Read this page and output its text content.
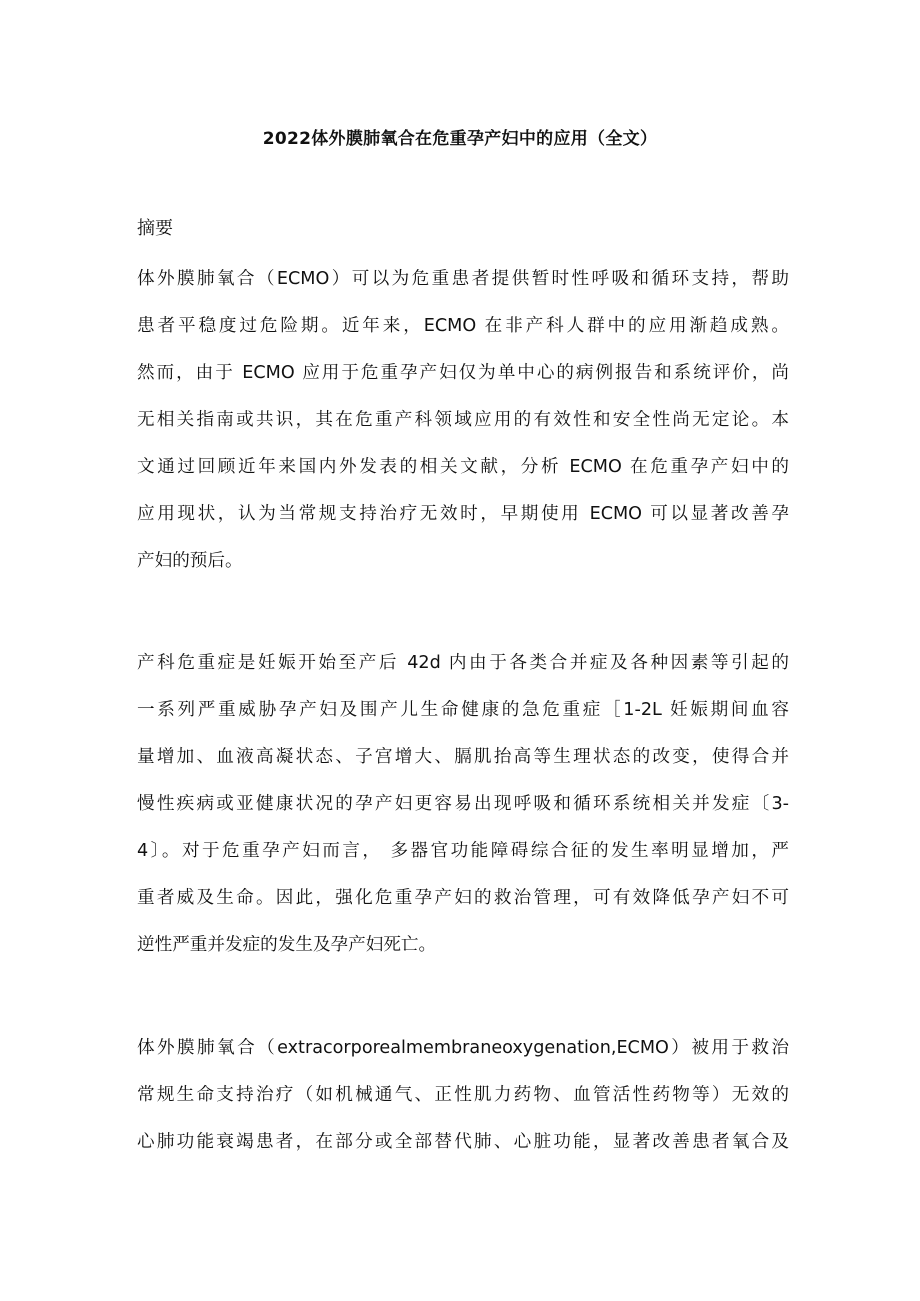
2022体外膜肺氧合在危重孕产妇中的应用（全文）
摘要
体外膜肺氧合（ECMO）可以为危重患者提供暂时性呼吸和循环支持，帮助
患者平稳度过危险期。近年来，ECMO 在非产科人群中的应用渐趋成熟。
然而，由于 ECMO 应用于危重孕产妇仅为单中心的病例报告和系统评价，尚
无相关指南或共识，其在危重产科领域应用的有效性和安全性尚无定论。本
文通过回顾近年来国内外发表的相关文献，分析 ECMO 在危重孕产妇中的
应用现状，认为当常规支持治疗无效时，早期使用 ECMO 可以显著改善孕
产妇的预后。
产科危重症是妊娠开始至产后 42d 内由于各类合并症及各种因素等引起的
一系列严重威胁孕产妇及围产儿生命健康的急危重症［1-2L 妊娠期间血容
量增加、血液高凝状态、子宫增大、膈肌抬高等生理状态的改变，使得合并
慢性疾病或亚健康状况的孕产妇更容易出现呼吸和循环系统相关并发症〔3-
4〕。对于危重孕产妇而言， 多器官功能障碍综合征的发生率明显增加，严
重者威及生命。因此，强化危重孕产妇的救治管理，可有效降低孕产妇不可
逆性严重并发症的发生及孕产妇死亡。
体外膜肺氧合（extracorporealmembraneoxygenation,ECMO）被用于救治
常规生命支持治疗（如机械通气、正性肌力药物、血管活性药物等）无效的
心肺功能衰竭患者，在部分或全部替代肺、心脏功能，显著改善患者氧合及
